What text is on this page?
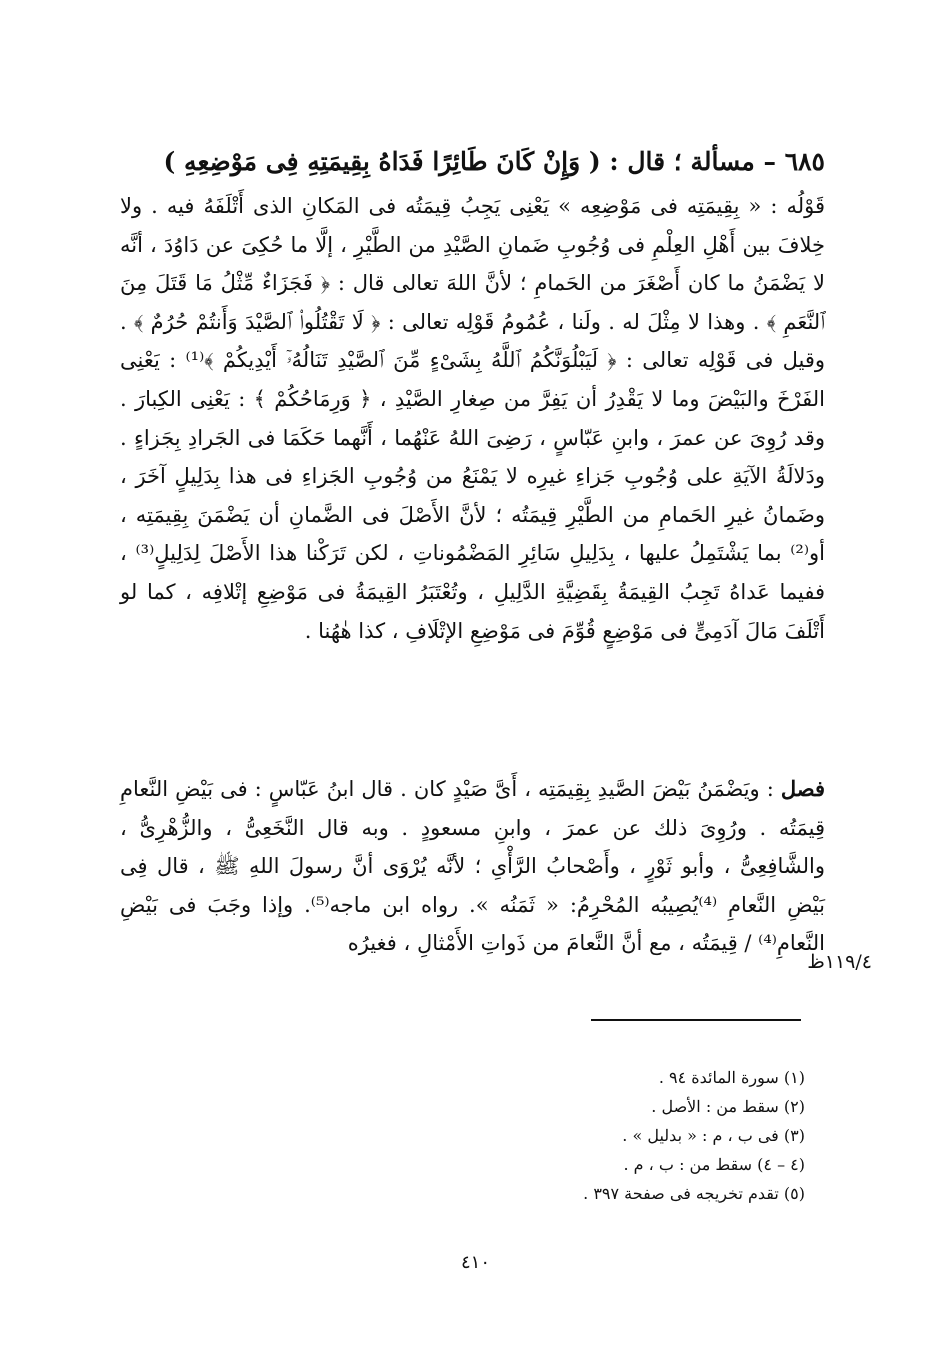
٦٨٥ – مسألة ؛ قال : ( وَإِنْ كَانَ طَائِرًا فَدَاهُ بِقِيمَتِهِ فِى مَوْضِعِهِ )

قَوْلُه : « بِقِيمَتِه فى مَوْضِعِه » يَعْنِى يَجِبُ قِيمَتُه فى المَكانِ الذى أَتْلَفَهُ فيه . ولا خِلافَ بين أَهْلِ العِلْمِ فى وُجُوبِ ضَمانِ الصَّيْدِ من الطَّيْرِ ، إلَّا ما حُكِىَ عن دَاوُدَ ، أنَّه لا يَضْمَنُ ما كان أَصْغَرَ من الحَمامِ ؛ لأنَّ اللهَ تعالى قال : ﴿ فَجَزَاءٌ مِّثْلُ مَا قَتَلَ مِنَ ٱلنَّعَمِ ﴾ . وهذا لا مِثْلَ له . ولَنا ، عُمُومُ قَوْلِه تعالى : ﴿ لَا تَقْتُلُوا۟ ٱلصَّيْدَ وَأَنتُمْ حُرُمٌ ﴾ . وقيل فى قَوْلِه تعالى : ﴿ لَيَبْلُوَنَّكُمُ ٱللَّهُ بِشَىْءٍ مِّنَ ٱلصَّيْدِ تَنَالُهُۥٓ أَيْدِيكُمْ ﴾⁽¹⁾ : يَعْنِى الفَرْخَ والبَيْضَ وما لا يَقْدِرُ أن يَفِرَّ من صِغارِ الصَّيْدِ ، ﴿ وَرِمَاحُكُمْ ﴾ : يَعْنِى الكِبارَ . وقد رُوِىَ عن عمرَ ، وابنِ عَبّاسٍ ، رَضِىَ اللهُ عَنْهُما ، أَنَّهما حَكَمَا فى الجَرادِ بِجَزاءٍ . ودَلالَةُ الآيَةِ على وُجُوبِ جَزاءِ غيرِه لا يَمْنَعُ من وُجُوبِ الجَزاءِ فى هذا بِدَلِيلٍ آخَرَ ، وضَمانُ غيرِ الحَمامِ من الطَّيْرِ قِيمَتُه ؛ لأنَّ الأَصْلَ فى الضَّمانِ أن يَضْمَنَ بِقِيمَتِه ، أو⁽²⁾ بما يَشْتَمِلُ عليها ، بِدَلِيلِ سَائِرِ المَضْمُوناتِ ، لكن تَرَكْنا هذا الأَصْلَ لِدَلِيلٍ⁽³⁾ ، ففيما عَداهُ تَجِبُ القِيمَةُ بِقَضِيَّةِ الدَّلِيلِ ، وتُعْتَبَرُ القِيمَةُ فى مَوْضِعِ إتْلافِه ، كما لو أَتْلَفَ مَالَ آدَمِىٍّ فى مَوْضِعٍ قُوِّمَ فى مَوْضِعِ الإتْلَافِ ، كذا هٰهُنا .

فصل : ويَضْمَنُ بَيْضَ الصَّيدِ بِقِيمَتِه ، أَىَّ صَيْدٍ كان . قال ابنُ عَبّاسٍ : فى بَيْضِ النَّعامِ قِيمَتُه . ورُوِىَ ذلك عن عمرَ ، وابنِ مسعودٍ . وبه قال النَّخَعِىُّ ، والزُّهْرِىُّ ، والشَّافِعِىُّ ، وأبو ثَوْرٍ ، وأَصْحابُ الرَّأْىِ ؛ لأنَّه يُرْوَى أنَّ رسولَ اللهِ ﷺ ، قال فِى بَيْضِ النَّعامِ ⁽⁴⁾يُصِيبُه المُحْرِمُ: « ثَمَنُه ». رواه ابن ماجه⁽⁵⁾. وإذا وجَبَ فى بَيْضِ النَّعامِ⁽⁴⁾ / قِيمَتُه ، مع أنَّ النَّعامَ من ذَواتِ الأَمْثالِ ، فغيرُه

١١٩/٤ظ
(١) سورة المائدة ٩٤ .
(٢) سقط من : الأصل .
(٣) فى ب ، م : « بدليل » .
(٤ – ٤) سقط من : ب ، م .
(٥) تقدم تخريجه فى صفحة ٣٩٧ .
٤١٠
